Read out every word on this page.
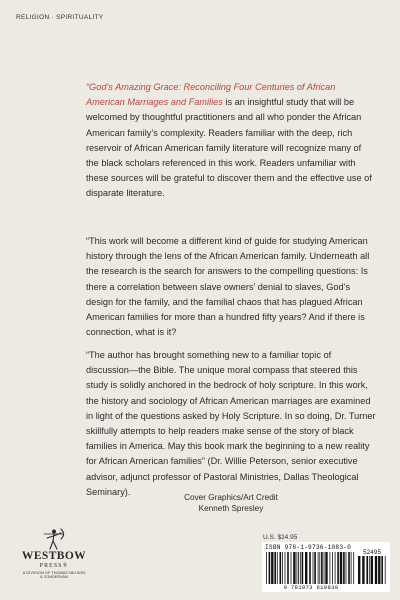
RELIGION · SPIRITUALITY

“God’s Amazing Grace: Reconciling Four Centuries of African American Marriages and Families is an insightful study that will be welcomed by thoughtful practitioners and all who ponder the African American family’s complexity. Readers familiar with the deep, rich reservoir of African American family literature will recognize many of the black scholars referenced in this work. Readers unfamiliar with these sources will be grateful to discover them and the effective use of disparate literature.

“This work will become a different kind of guide for studying American history through the lens of the African American family. Underneath all the research is the search for answers to the compelling questions: Is there a correlation between slave owners’ denial to slaves, God’s design for the family, and the familial chaos that has plagued African American families for more than a hundred fifty years? And if there is connection, what is it?

“The author has brought something new to a familiar topic of discussion—the Bible. The unique moral compass that steered this study is solidly anchored in the bedrock of holy scripture. In this work, the history and sociology of African American marriages are examined in light of the questions asked by Holy Scripture. In so doing, Dr. Turner skillfully attempts to help readers make sense of the story of black families in America. May this book mark the beginning to a new reality for African American families” (Dr. Willie Peterson, senior executive advisor, adjunct professor of Pastoral Ministries, Dallas Theological Seminary).

Cover Graphics/Art Credit
Kenneth Spresley
U.S. $24.95
ISBN 978-1-9736-1083-0
52495
9 781973 610830
WESTBOW
PRESS®
A DIVISION OF THOMAS NELSON
& ZONDERVAN
